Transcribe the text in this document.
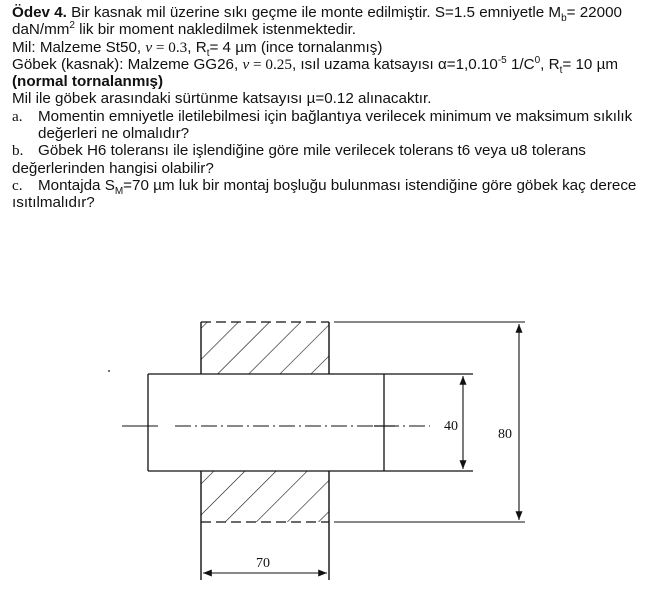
Ödev 4. Bir kasnak mil üzerine sıkı geçme ile monte edilmiştir. S=1.5 emniyetle $M_b= 22000$ daN/$mm^2$ lik bir moment nakledilmek istenmektedir.

Mil: Malzeme St50, ν = 0.3, $R_t= 4$ µm (ince tornalanmış)

Göbek (kasnak): Malzeme GG26, ν = 0.25, ısıl uzama katsayısı $\alpha=1,0.10^{-5}$ $1/C^0$, $R_t= 10$ µm (normal tornalanmış)

Mil ile göbek arasındaki sürtünme katsayısı µ=0.12 alınacaktır.

a.	Momentin emniyetle iletilebilmesi için bağlantıya verilecek minimum ve maksimum sıkılık değerleri ne olmalıdır?
b. Göbek H6 toleransı ile işlendiğine göre mile verilecek tolerans t6 veya u8 tolerans değerlerinden hangisi olabilir?
c. Montajda $S_M=70$ µm luk bir montaj boşluğu bulunması istendiğine göre göbek kaç derece ısıtılmalıdır?
40
80
70
